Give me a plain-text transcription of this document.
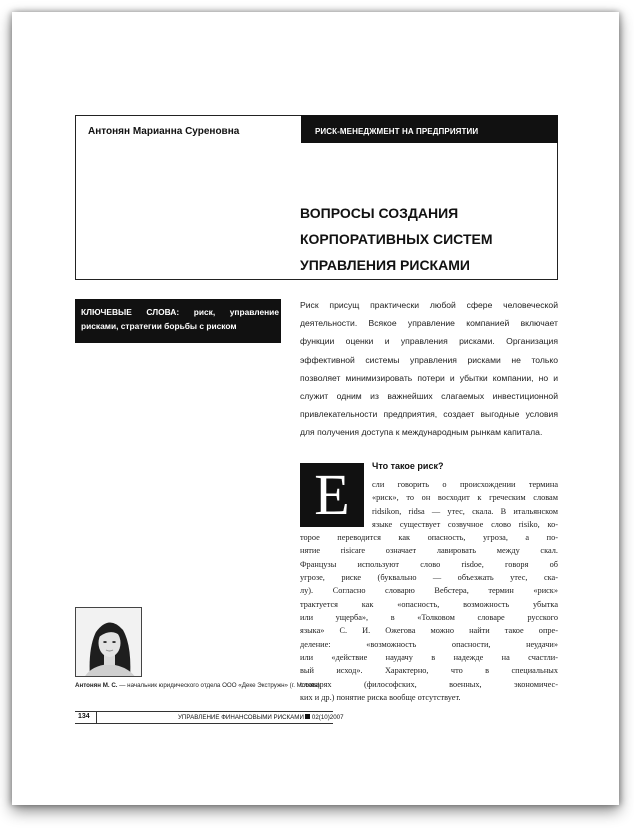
Антонян Марианна Суреновна	РИСК-МЕНЕДЖМЕНТ НА ПРЕДПРИЯТИИ
ВОПРОСЫ СОЗДАНИЯ
КОРПОРАТИВНЫХ СИСТЕМ
УПРАВЛЕНИЯ РИСКАМИ
КЛЮЧЕВЫЕ СЛОВА: риск, управление рисками, стратегии борьбы с риском
Риск присущ практически любой сфере человеческой деятельности. Всякое управление компанией включает функции оценки и управления рисками. Организация эффективной системы управления рисками не только позволяет минимизировать потери и убытки компании, но и служит одним из важнейших слагаемых инвестиционной привлекательности предприятия, создает выгодные условия для получения доступа к международным рынкам капитала.
Е	Что такое риск?
сли говорить о происхождении термина
«риск», то он восходит к греческим словам
ridsikon, ridsa — утес, скала. В итальянском
языке существует созвучное слово risiko, ко-
торое переводится как опасность, угроза, а по-
нятие risicare означает лавировать между скал.
Французы используют слово risdoe, говоря об
угрозе, риске (буквально — объезжать утес, ска-
лу). Согласно словарю Вебстера, термин «риск»
трактуется как «опасность, возможность убытка
или ущерба», в «Толковом словаре русского
языка» С. И. Ожегова можно найти такое опре-
деление: «возможность опасности, неудачи»
или «действие наудачу в надежде на счастли-
вый исход». Характерно, что в специальных
словарях (философских, военных, экономичес-
ких и др.) понятие риска вообще отсутствует.
Антонян М. С. — начальник юридического отдела ООО «Деке Экстружн» (г. Москва)
134	УПРАВЛЕНИЕ ФИНАНСОВЫМИ РИСКАМИ 02(10)2007
